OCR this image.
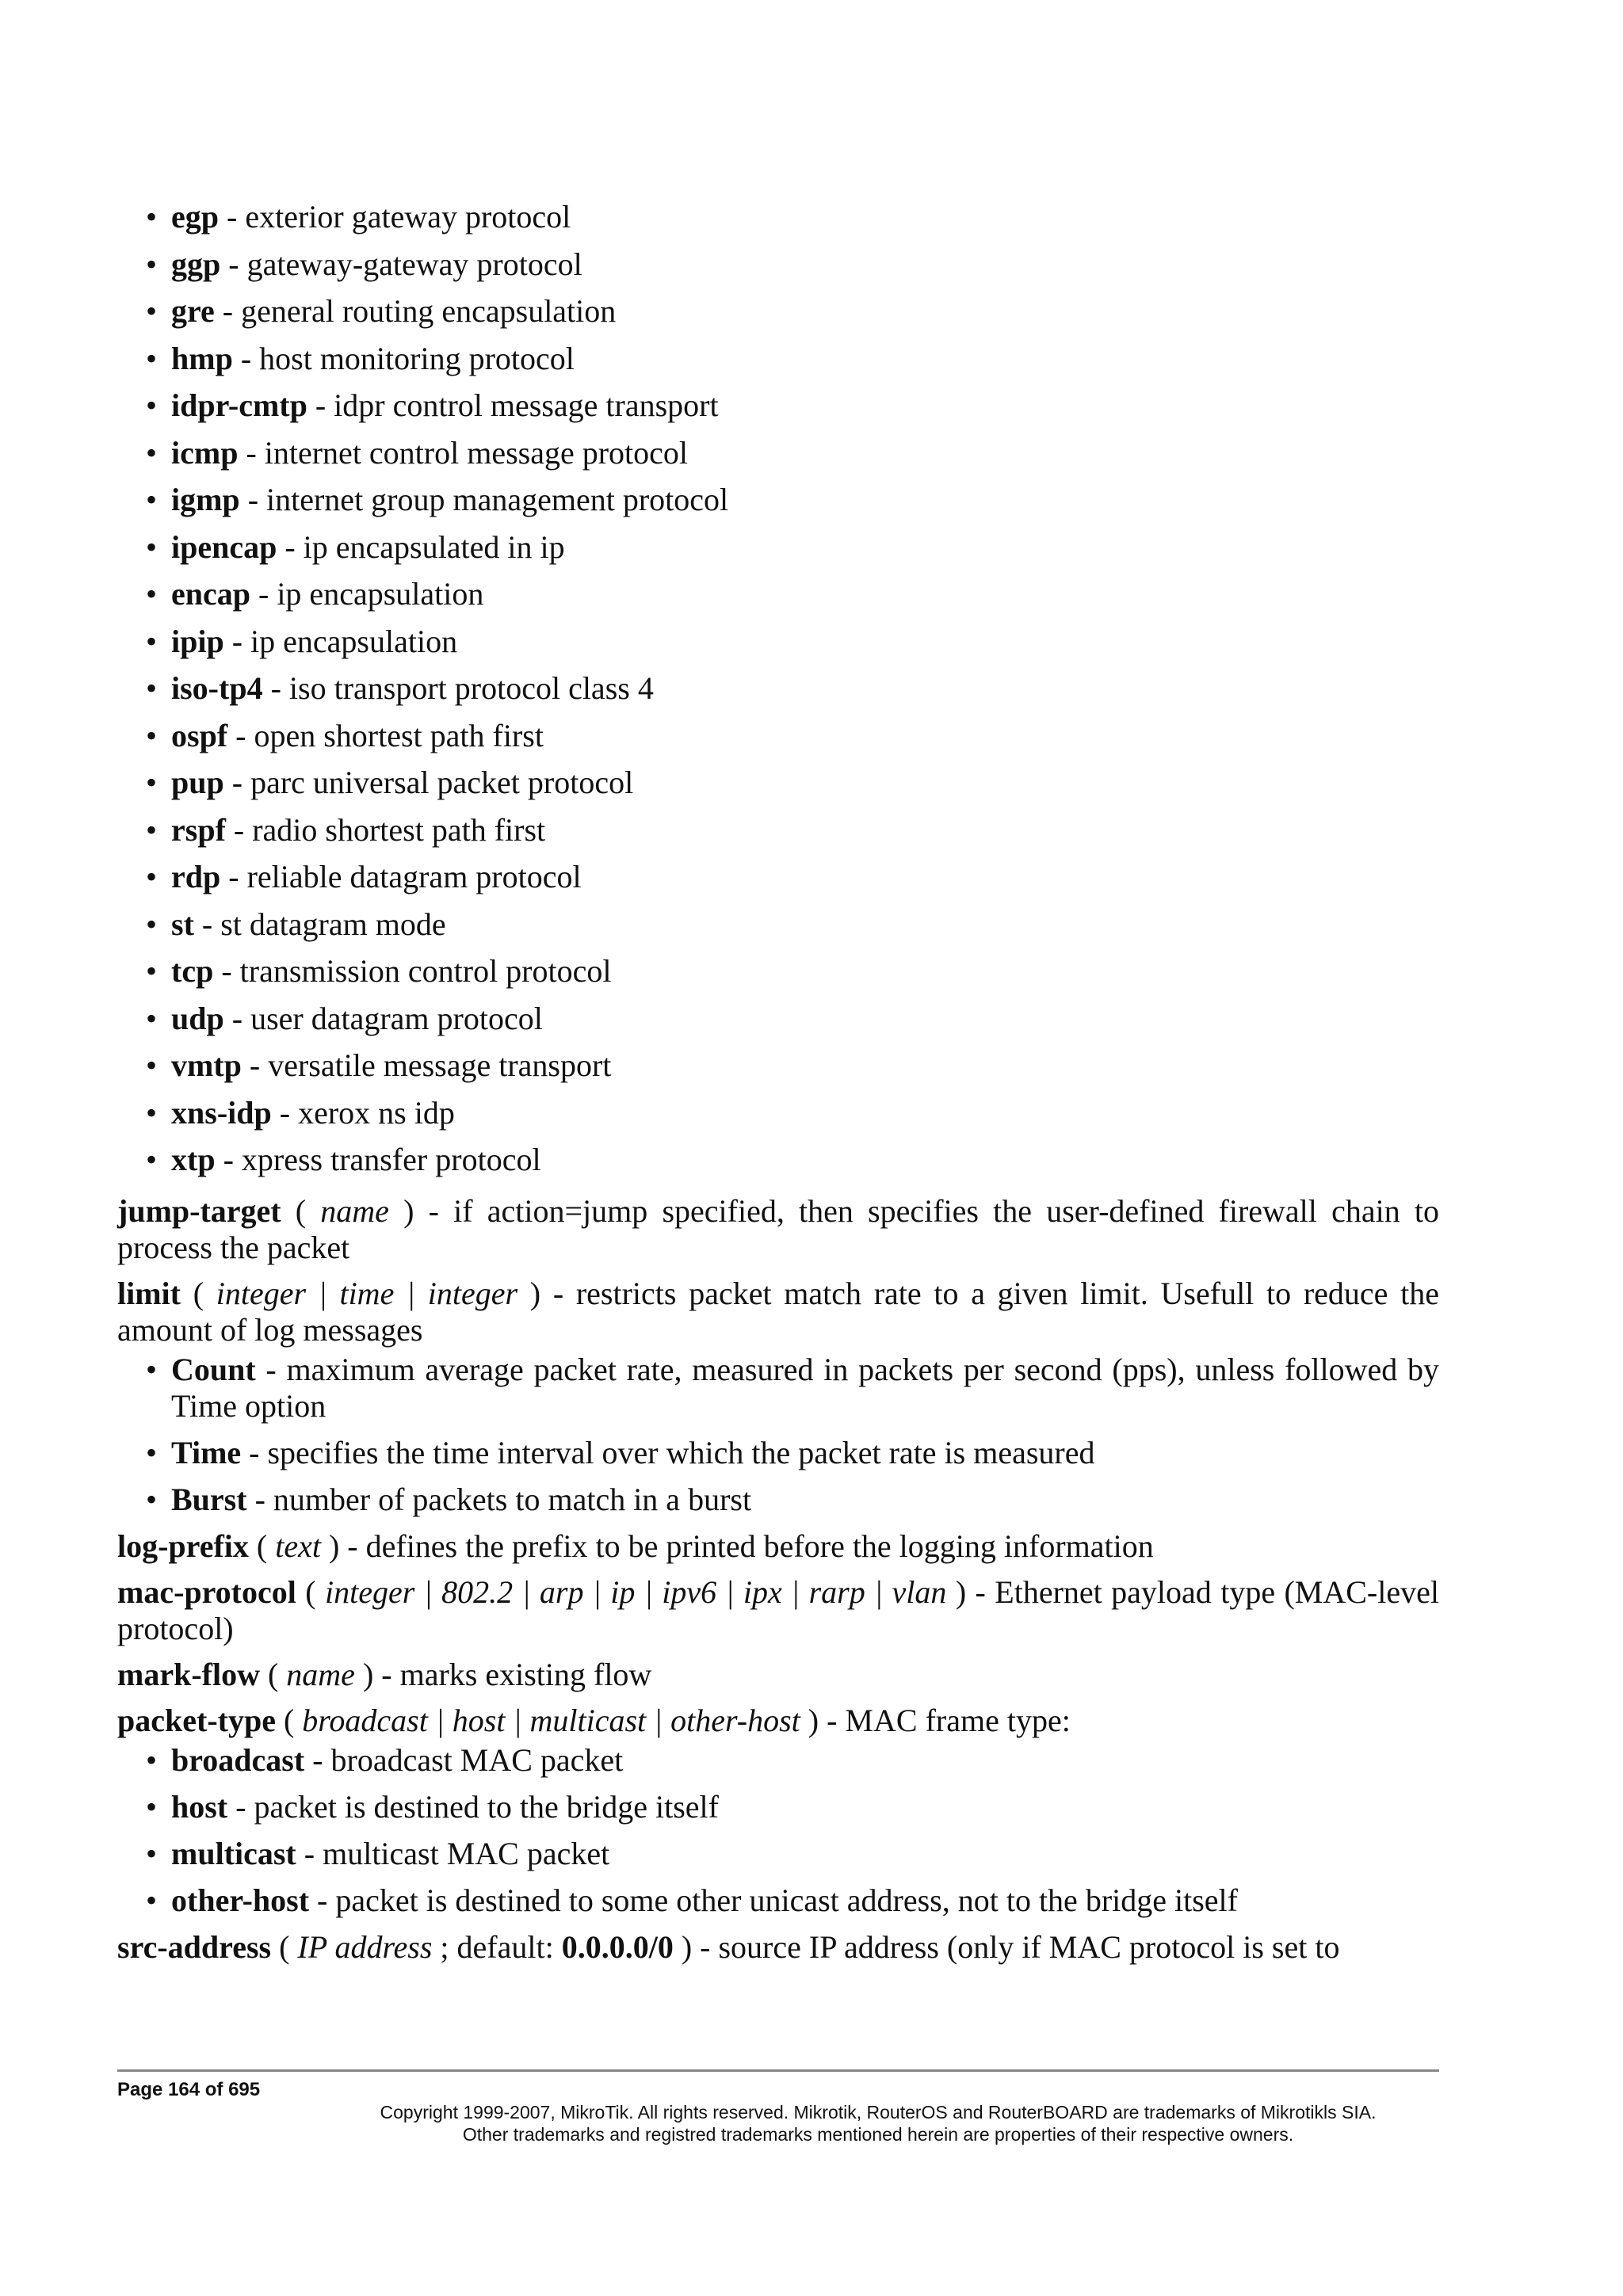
• egp - exterior gateway protocol
• ggp - gateway-gateway protocol
• gre - general routing encapsulation
• hmp - host monitoring protocol
• idpr-cmtp - idpr control message transport
• icmp - internet control message protocol
• igmp - internet group management protocol
• ipencap - ip encapsulated in ip
• encap - ip encapsulation
• ipip - ip encapsulation
• iso-tp4 - iso transport protocol class 4
• ospf - open shortest path first
• pup - parc universal packet protocol
• rspf - radio shortest path first
• rdp - reliable datagram protocol
• st - st datagram mode
• tcp - transmission control protocol
• udp - user datagram protocol
• vmtp - versatile message transport
• xns-idp - xerox ns idp
• xtp - xpress transfer protocol

jump-target ( name ) - if action=jump specified, then specifies the user-defined firewall chain to process the packet

limit ( integer | time | integer ) - restricts packet match rate to a given limit. Usefull to reduce the amount of log messages

• Count - maximum average packet rate, measured in packets per second (pps), unless followed by Time option
• Time - specifies the time interval over which the packet rate is measured
• Burst - number of packets to match in a burst

log-prefix ( text ) - defines the prefix to be printed before the logging information

mac-protocol ( integer | 802.2 | arp | ip | ipv6 | ipx | rarp | vlan ) - Ethernet payload type (MAC-level protocol)

mark-flow ( name ) - marks existing flow

packet-type ( broadcast | host | multicast | other-host ) - MAC frame type:

• broadcast - broadcast MAC packet
• host - packet is destined to the bridge itself
• multicast - multicast MAC packet
• other-host - packet is destined to some other unicast address, not to the bridge itself

src-address ( IP address ; default: 0.0.0.0/0 ) - source IP address (only if MAC protocol is set to

Page 164 of 695
Copyright 1999-2007, MikroTik. All rights reserved. Mikrotik, RouterOS and RouterBOARD are trademarks of Mikrotikls SIA.
Other trademarks and registred trademarks mentioned herein are properties of their respective owners.
